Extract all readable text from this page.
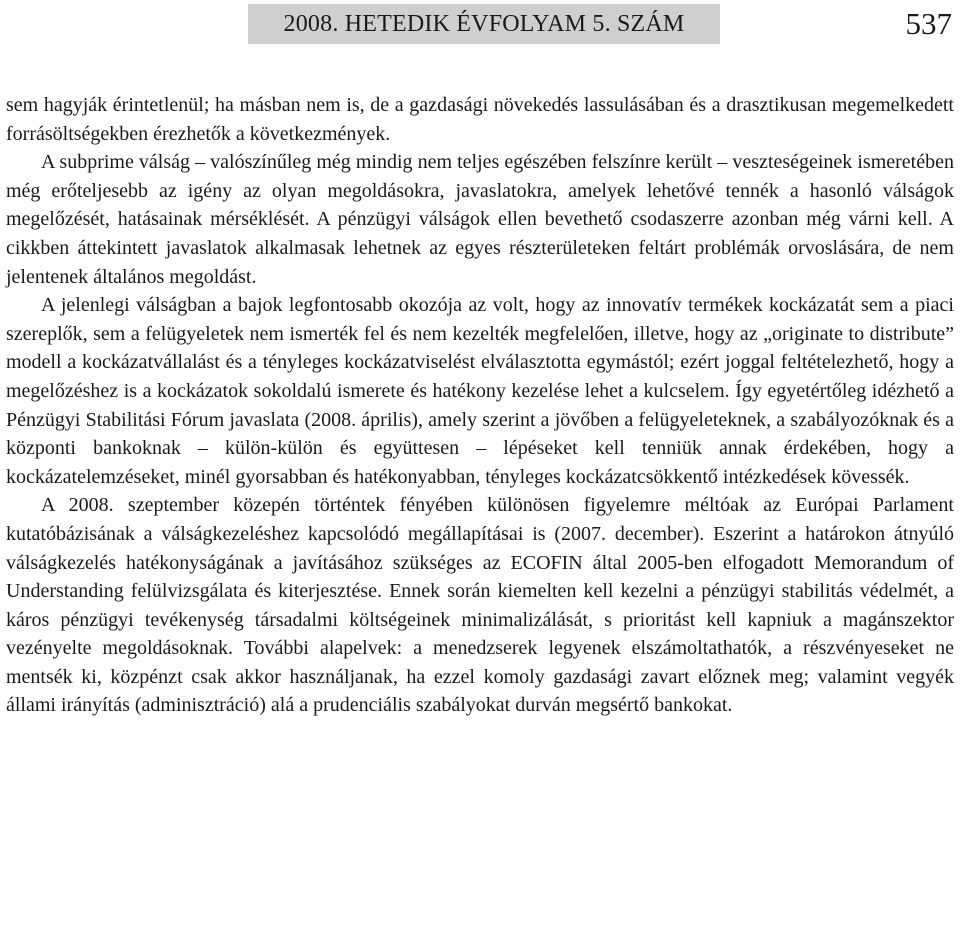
2008. HETEDIK ÉVFOLYAM 5. SZÁM	537

sem hagyják érintetlenül; ha másban nem is, de a gazdasági növekedés lassulásában és a drasztikusan megemelkedett forrásöltségekben érezhetők a következmények.

A subprime válság – valószínűleg még mindig nem teljes egészében felszínre került – veszteségeinek ismeretében még erőteljesebb az igény az olyan megoldásokra, javaslatokra, amelyek lehetővé tennék a hasonló válságok megelőzését, hatásainak mérséklését. A pénzügyi válságok ellen bevethető csodaszerre azonban még várni kell. A cikkben áttekintett javaslatok alkalmasak lehetnek az egyes részterületeken feltárt problémák orvoslására, de nem jelentenek általános megoldást.

A jelenlegi válságban a bajok legfontosabb okozója az volt, hogy az innovatív termékek kockázatát sem a piaci szereplők, sem a felügyeletek nem ismerték fel és nem kezelték megfelelően, illetve, hogy az „originate to distribute” modell a kockázatvállalást és a tényleges kockázatviselést elválasztotta egymástól; ezért joggal feltételezhető, hogy a megelőzéshez is a kockázatok sokoldalú ismerete és hatékony kezelése lehet a kulcselem. Így egyetértőleg idézhető a Pénzügyi Stabilitási Fórum javaslata (2008. április), amely szerint a jövőben a felügyeleteknek, a szabályozóknak és a központi bankoknak – külön-külön és együttesen – lépéseket kell tenniük annak érdekében, hogy a kockázatelemzéseket, minél gyorsabban és hatékonyabban, tényleges kockázatcsökkentő intézkedések kövessék.

A 2008. szeptember közepén történtek fényében különösen figyelemre méltóak az Európai Parlament kutatóbázisának a válságkezeléshez kapcsolódó megállapításai is (2007. december). Eszerint a határokon átnyúló válságkezelés hatékonyságának a javításához szükséges az ECOFIN által 2005-ben elfogadott Memorandum of Understanding felülvizsgálata és kiterjesztése. Ennek során kiemelten kell kezelni a pénzügyi stabilitás védelmét, a káros pénzügyi tevékenység társadalmi költségeinek minimalizálását, s prioritást kell kapniuk a magánszektor vezényelte megoldásoknak. További alapelvek: a menedzserek legyenek elszámoltathatók, a részvényeseket ne mentsék ki, közpénzt csak akkor használjanak, ha ezzel komoly gazdasági zavart előznek meg; valamint vegyék állami irányítás (adminisztráció) alá a prudenciális szabályokat durván megsértő bankokat.
